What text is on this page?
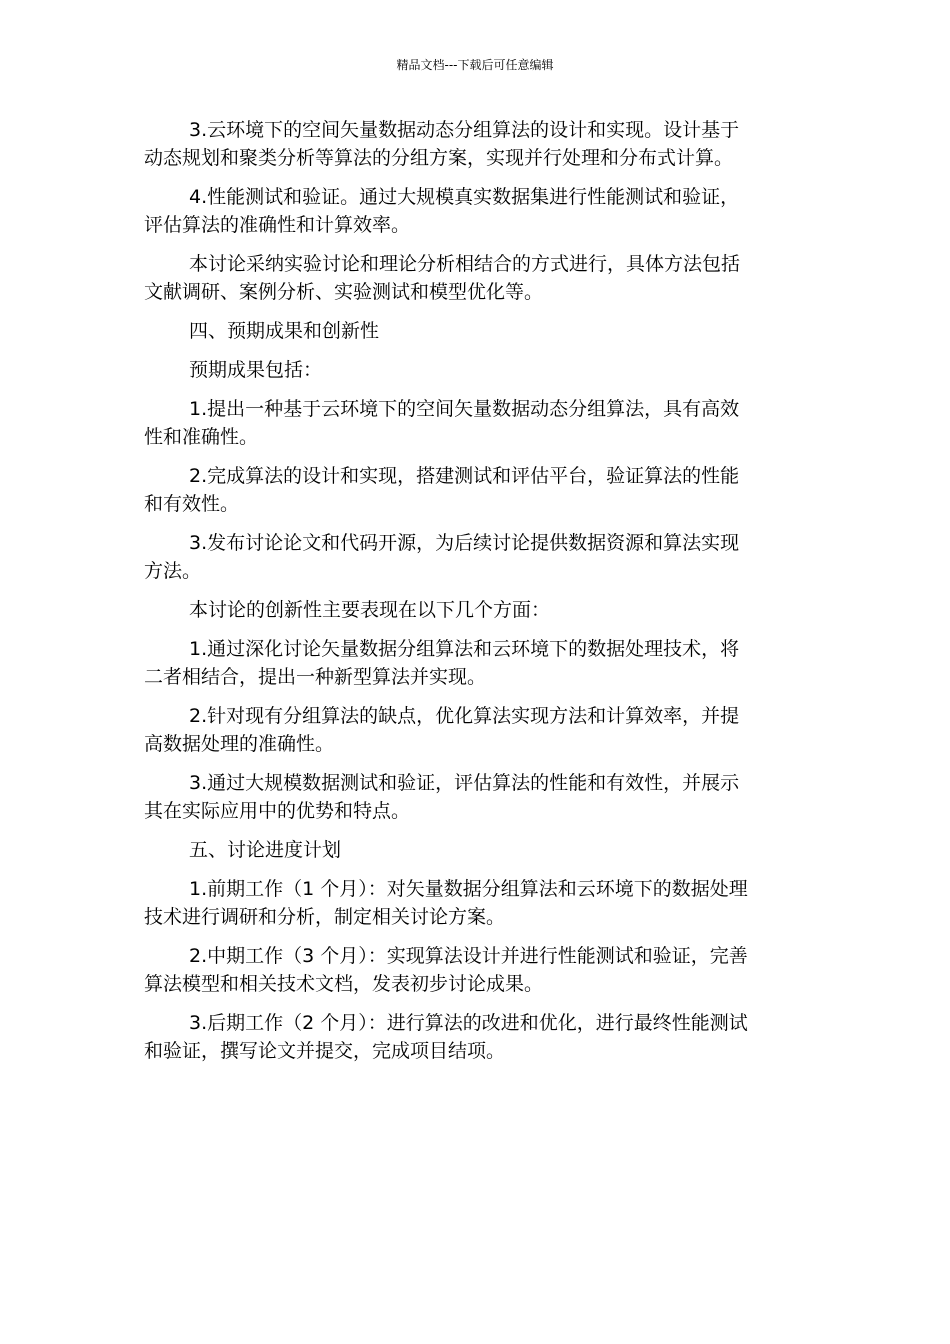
精品文档---下载后可任意编辑

3.云环境下的空间矢量数据动态分组算法的设计和实现。设计基于
动态规划和聚类分析等算法的分组方案，实现并行处理和分布式计算。

4.性能测试和验证。通过大规模真实数据集进行性能测试和验证，
评估算法的准确性和计算效率。

本讨论采纳实验讨论和理论分析相结合的方式进行，具体方法包括
文献调研、案例分析、实验测试和模型优化等。

四、预期成果和创新性

预期成果包括：

1.提出一种基于云环境下的空间矢量数据动态分组算法，具有高效
性和准确性。

2.完成算法的设计和实现，搭建测试和评估平台，验证算法的性能
和有效性。

3.发布讨论论文和代码开源，为后续讨论提供数据资源和算法实现
方法。

本讨论的创新性主要表现在以下几个方面：

1.通过深化讨论矢量数据分组算法和云环境下的数据处理技术，将
二者相结合，提出一种新型算法并实现。

2.针对现有分组算法的缺点，优化算法实现方法和计算效率，并提
高数据处理的准确性。

3.通过大规模数据测试和验证，评估算法的性能和有效性，并展示
其在实际应用中的优势和特点。

五、讨论进度计划

1.前期工作（1 个月）：对矢量数据分组算法和云环境下的数据处理
技术进行调研和分析，制定相关讨论方案。

2.中期工作（3 个月）：实现算法设计并进行性能测试和验证，完善
算法模型和相关技术文档，发表初步讨论成果。

3.后期工作（2 个月）：进行算法的改进和优化，进行最终性能测试
和验证，撰写论文并提交，完成项目结项。
